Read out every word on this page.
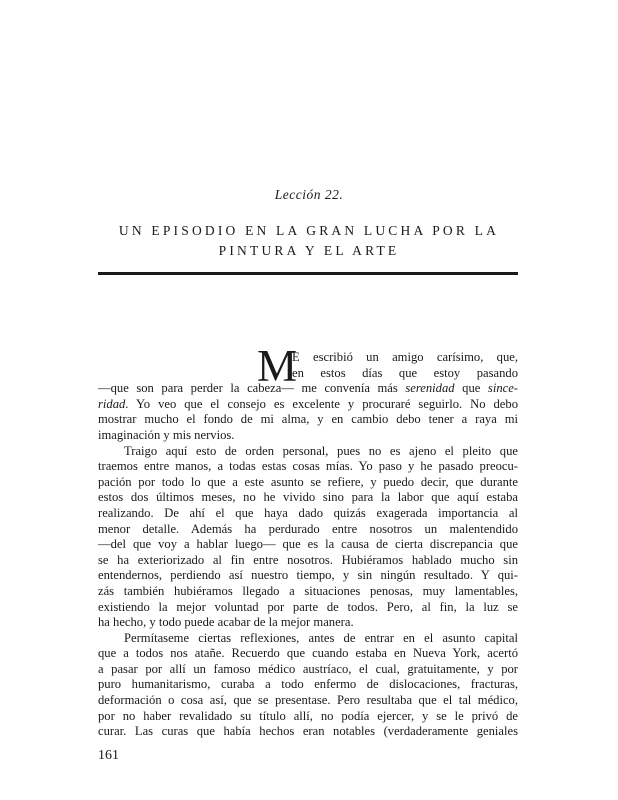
Lección 22.
UN EPISODIO EN LA GRAN LUCHA POR LA
PINTURA Y EL ARTE
M
E escribió un amigo carísimo, que,
en estos días que estoy pasando
—que son para perder la cabeza— me convenía más serenidad que since-
ridad. Yo veo que el consejo es excelente y procuraré seguirlo. No debo
mostrar mucho el fondo de mi alma, y en cambio debo tener a raya mi
imaginación y mis nervios.
Traigo aquí esto de orden personal, pues no es ajeno el pleito que
traemos entre manos, a todas estas cosas mías. Yo paso y he pasado preocu-
pación por todo lo que a este asunto se refiere, y puedo decir, que durante
estos dos últimos meses, no he vivido sino para la labor que aquí estaba
realizando. De ahí el que haya dado quizás exagerada importancia al
menor detalle. Además ha perdurado entre nosotros un malentendido
—del que voy a hablar luego— que es la causa de cierta discrepancia que
se ha exteriorizado al fin entre nosotros. Hubiéramos hablado mucho sin
entendernos, perdiendo así nuestro tiempo, y sin ningún resultado. Y qui-
zás también hubiéramos llegado a situaciones penosas, muy lamentables,
existiendo la mejor voluntad por parte de todos. Pero, al fin, la luz se
ha hecho, y todo puede acabar de la mejor manera.
Permítaseme ciertas reflexiones, antes de entrar en el asunto capital
que a todos nos atañe. Recuerdo que cuando estaba en Nueva York, acertó
a pasar por allí un famoso médico austríaco, el cual, gratuitamente, y por
puro humanitarismo, curaba a todo enfermo de dislocaciones, fracturas,
deformación o cosa así, que se presentase. Pero resultaba que el tal médico,
por no haber revalidado su título allí, no podía ejercer, y se le privó de
curar. Las curas que había hechos eran notables (verdaderamente geniales
161
